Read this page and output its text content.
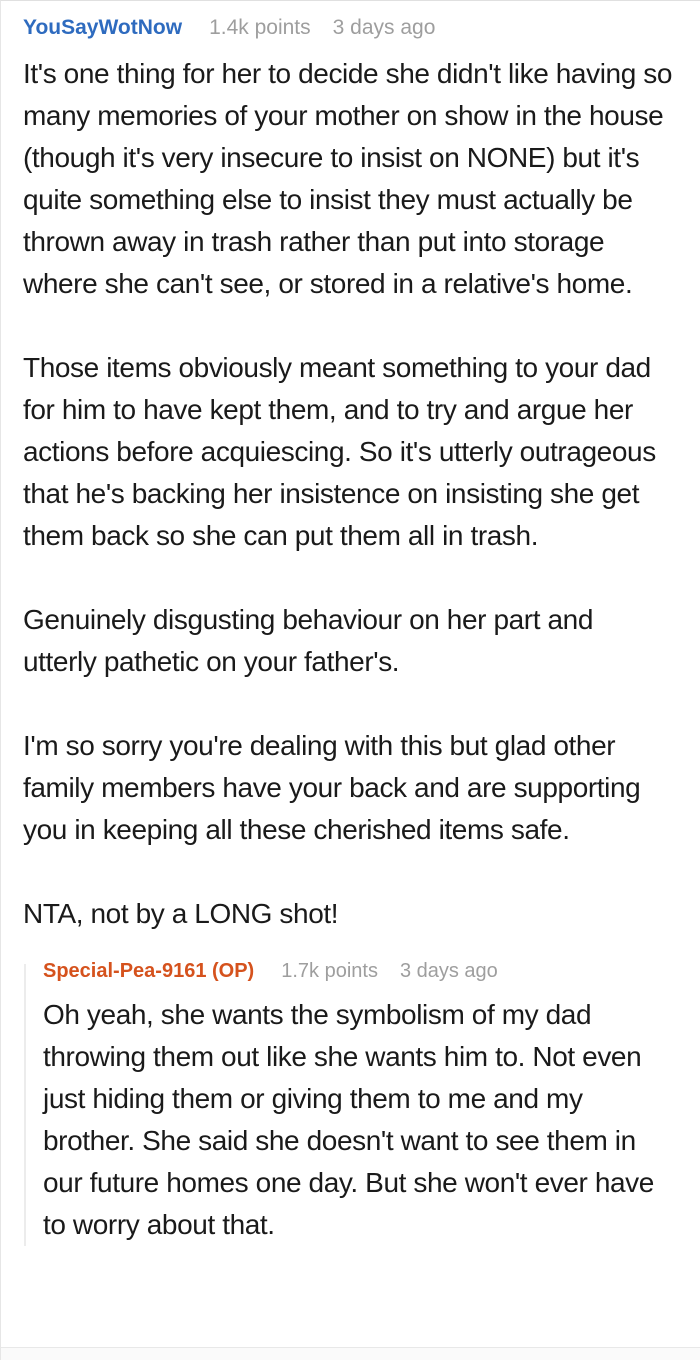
YouSayWotNow 1.4k points 3 days ago

It's one thing for her to decide she didn't like having so many memories of your mother on show in the house (though it's very insecure to insist on NONE) but it's quite something else to insist they must actually be thrown away in trash rather than put into storage where she can't see, or stored in a relative's home.

Those items obviously meant something to your dad for him to have kept them, and to try and argue her actions before acquiescing. So it's utterly outrageous that he's backing her insistence on insisting she get them back so she can put them all in trash.

Genuinely disgusting behaviour on her part and utterly pathetic on your father's.

I'm so sorry you're dealing with this but glad other family members have your back and are supporting you in keeping all these cherished items safe.

NTA, not by a LONG shot!

Special-Pea-9161 (OP) 1.7k points 3 days ago

Oh yeah, she wants the symbolism of my dad throwing them out like she wants him to. Not even just hiding them or giving them to me and my brother. She said she doesn't want to see them in our future homes one day. But she won't ever have to worry about that.
